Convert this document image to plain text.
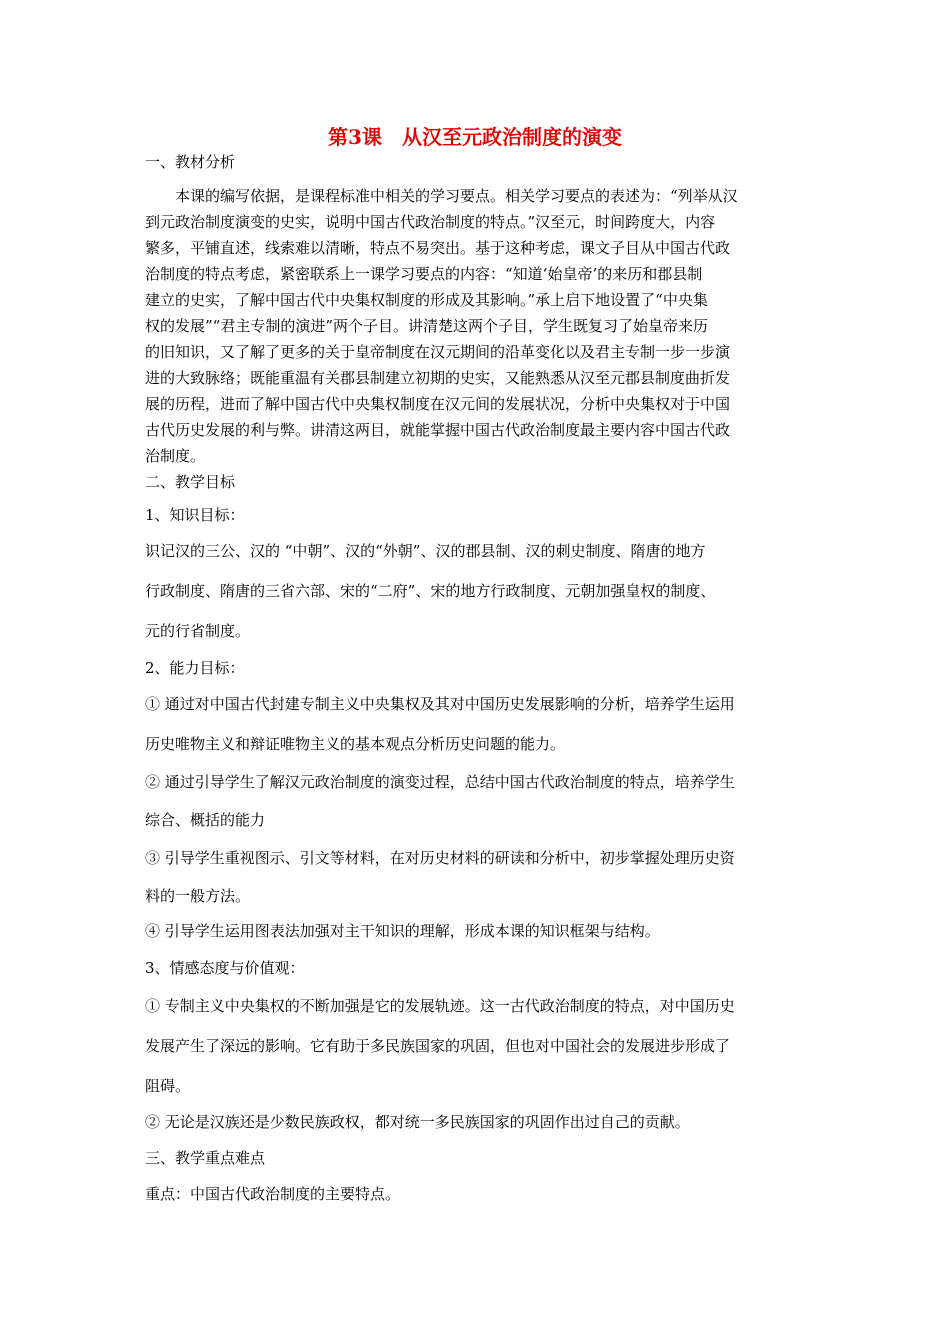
第3课　从汉至元政治制度的演变
一、教材分析
　　本课的编写依据，是课程标准中相关的学习要点。相关学习要点的表述为：“列举从汉
到元政治制度演变的史实，说明中国古代政治制度的特点。”汉至元，时间跨度大，内容
繁多，平铺直述，线索难以清晰，特点不易突出。基于这种考虑，课文子目从中国古代政
治制度的特点考虑，紧密联系上一课学习要点的内容：“知道‘始皇帝’的来历和郡县制
建立的史实，了解中国古代中央集权制度的形成及其影响。”承上启下地设置了“中央集
权的发展”“君主专制的演进”两个子目。讲清楚这两个子目，学生既复习了始皇帝来历
的旧知识，又了解了更多的关于皇帝制度在汉元期间的沿革变化以及君主专制一步一步演
进的大致脉络；既能重温有关郡县制建立初期的史实，又能熟悉从汉至元郡县制度曲折发
展的历程，进而了解中国古代中央集权制度在汉元间的发展状况，分析中央集权对于中国
古代历史发展的利与弊。讲清这两目，就能掌握中国古代政治制度最主要内容中国古代政
治制度。
二、教学目标
1、知识目标：
识记汉的三公、汉的 “中朝”、汉的“外朝”、汉的郡县制、汉的刺史制度、隋唐的地方
行政制度、隋唐的三省六部、宋的“二府”、宋的地方行政制度、元朝加强皇权的制度、
元的行省制度。
2、能力目标：
① 通过对中国古代封建专制主义中央集权及其对中国历史发展影响的分析，培养学生运用
历史唯物主义和辩证唯物主义的基本观点分析历史问题的能力。
② 通过引导学生了解汉元政治制度的演变过程，总结中国古代政治制度的特点，培养学生
综合、概括的能力
③ 引导学生重视图示、引文等材料，在对历史材料的研读和分析中，初步掌握处理历史资
料的一般方法。
④ 引导学生运用图表法加强对主干知识的理解，形成本课的知识框架与结构。
3、情感态度与价值观：
① 专制主义中央集权的不断加强是它的发展轨迹。这一古代政治制度的特点，对中国历史
发展产生了深远的影响。它有助于多民族国家的巩固，但也对中国社会的发展进步形成了
阻碍。
② 无论是汉族还是少数民族政权，都对统一多民族国家的巩固作出过自己的贡献。
三、教学重点难点
重点：中国古代政治制度的主要特点。
